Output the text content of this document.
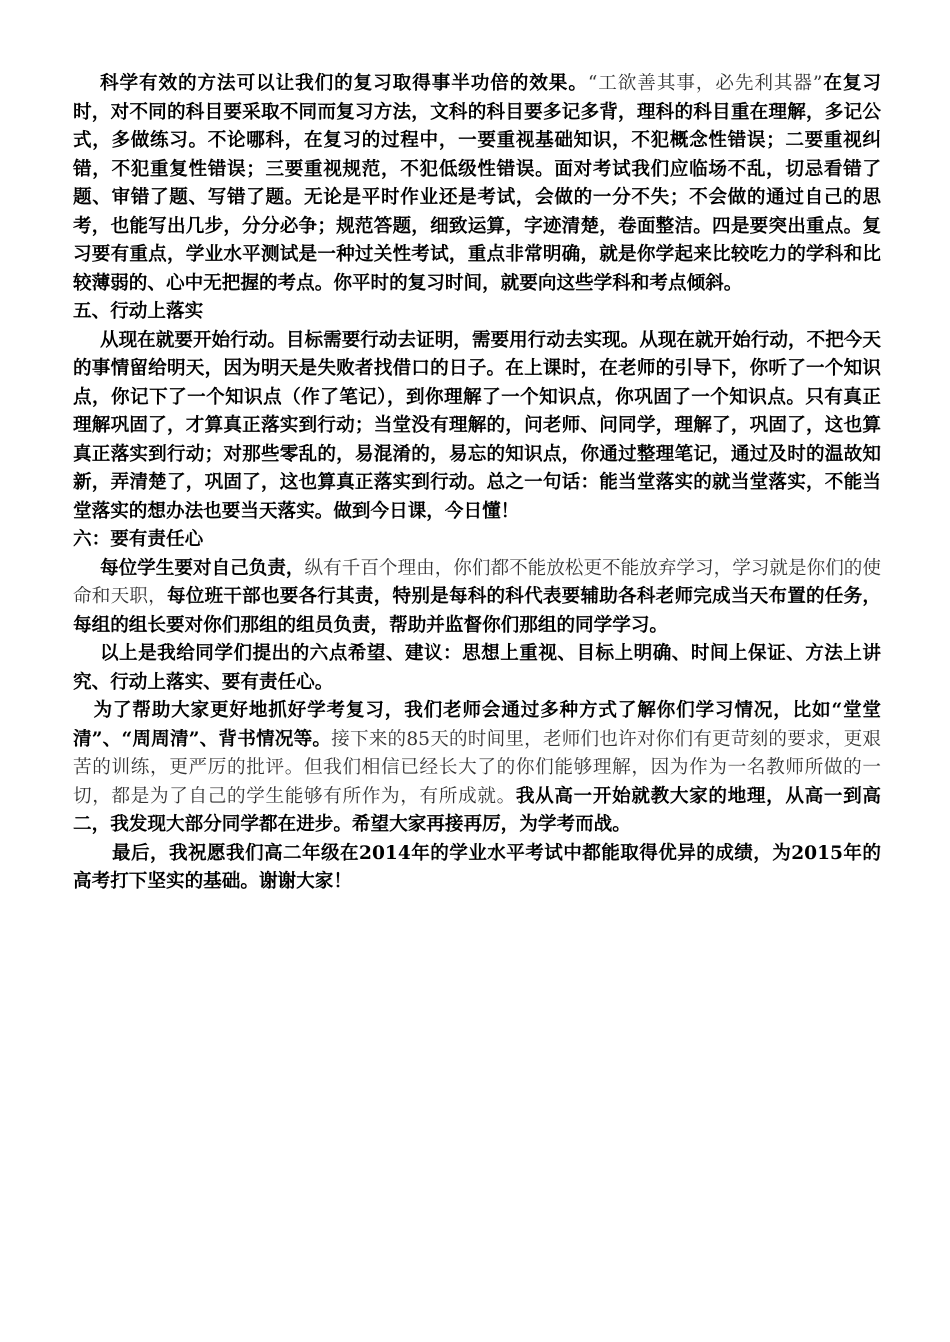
科学有效的方法可以让我们的复习取得事半功倍的效果。“工欲善其事，必先利其器”在复习时，对不同的科目要采取不同而复习方法，文科的科目要多记多背，理科的科目重在理解，多记公式，多做练习。不论哪科，在复习的过程中，一要重视基础知识，不犯概念性错误；二要重视纠错，不犯重复性错误；三要重视规范，不犯低级性错误。面对考试我们应临场不乱，切忌看错了题、审错了题、写错了题。无论是平时作业还是考试，会做的一分不失；不会做的通过自己的思考，也能写出几步，分分必争；规范答题，细致运算，字迹清楚，卷面整洁。四是要突出重点。复习要有重点，学业水平测试是一种过关性考试，重点非常明确，就是你学起来比较吃力的学科和比较薄弱的、心中无把握的考点。你平时的复习时间，就要向这些学科和考点倾斜。

五、行动上落实

从现在就要开始行动。目标需要行动去证明，需要用行动去实现。从现在就开始行动，不把今天的事情留给明天，因为明天是失败者找借口的日子。在上课时，在老师的引导下，你听了一个知识点，你记下了一个知识点（作了笔记），到你理解了一个知识点，你巩固了一个知识点。只有真正理解巩固了，才算真正落实到行动；当堂没有理解的，问老师、问同学，理解了，巩固了，这也算真正落实到行动；对那些零乱的，易混淆的，易忘的知识点，你通过整理笔记，通过及时的温故知新，弄清楚了，巩固了，这也算真正落实到行动。总之一句话：能当堂落实的就当堂落实，不能当堂落实的想办法也要当天落实。做到今日课，今日懂！

六：要有责任心

每位学生要对自己负责，纵有千百个理由，你们都不能放松更不能放弃学习，学习就是你们的使命和天职，每位班干部也要各行其责，特别是每科的科代表要辅助各科老师完成当天布置的任务，每组的组长要对你们那组的组员负责，帮助并监督你们那组的同学学习。

以上是我给同学们提出的六点希望、建议：思想上重视、目标上明确、时间上保证、方法上讲究、行动上落实、要有责任心。

为了帮助大家更好地抓好学考复习，我们老师会通过多种方式了解你们学习情况，比如“堂堂清”、“周周清”、背书情况等。接下来的85天的时间里，老师们也许对你们有更苛刻的要求，更艰苦的训练，更严厉的批评。但我们相信已经长大了的你们能够理解，因为作为一名教师所做的一切，都是为了自己的学生能够有所作为，有所成就。我从高一开始就教大家的地理，从高一到高二，我发现大部分同学都在进步。希望大家再接再厉，为学考而战。

最后，我祝愿我们高二年级在2014年的学业水平考试中都能取得优异的成绩，为2015年的高考打下坚实的基础。谢谢大家！
